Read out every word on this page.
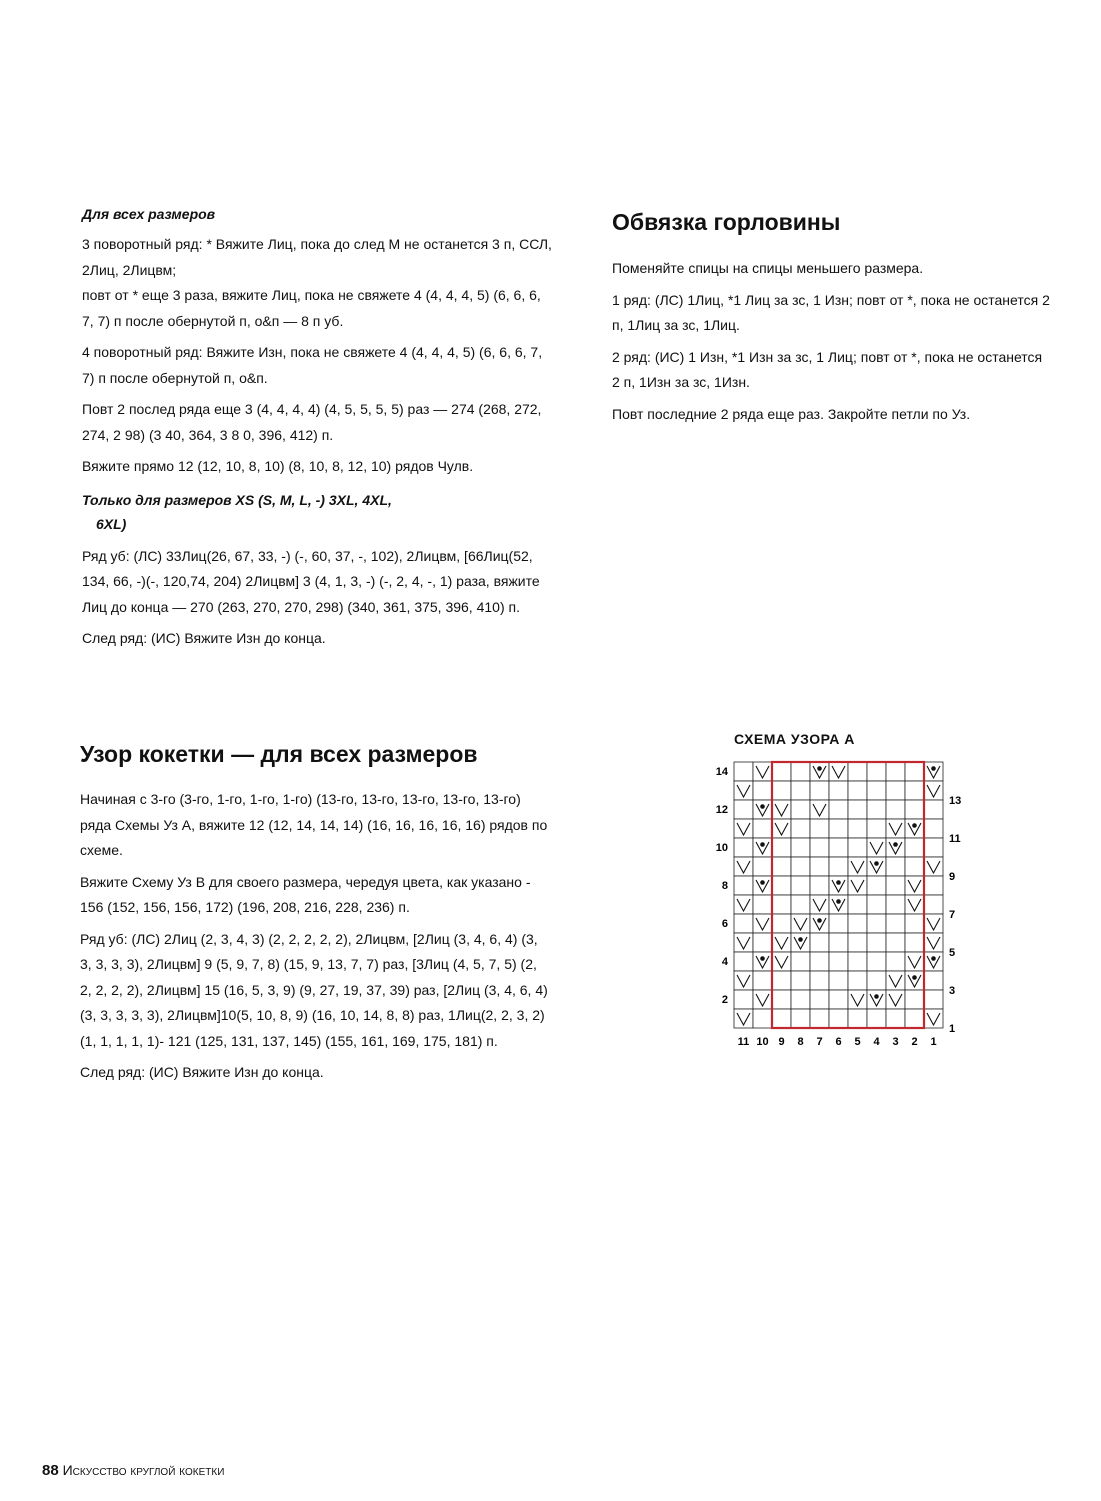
Для всех размеров

3 поворотный ряд: * Вяжите Лиц, пока до след М не останется 3 п, ССЛ, 2Лиц, 2Лицвм;

повт от * еще 3 раза, вяжите Лиц, пока не свяжете 4 (4, 4, 4, 5) (6, 6, 6, 7, 7) п после обернутой п, о&п — 8 п уб.

4 поворотный ряд: Вяжите Изн, пока не свяжете 4 (4, 4, 4, 5) (6, 6, 6, 7, 7) п после обернутой п, о&п.

Повт 2 послед ряда еще 3 (4, 4, 4, 4) (4, 5, 5, 5, 5) раз — 274 (268, 272, 274, 2 98) (3 40, 364, 3 8 0, 396, 412) п.

Вяжите прямо 12 (12, 10, 8, 10) (8, 10, 8, 12, 10) рядов Чулв.

Только для размеров XS (S, M, L, -) 3XL, 4XL,
6XL)

Ряд уб: (ЛС) 33Лиц(26, 67, 33, -) (-, 60, 37, -, 102), 2Лицвм, [66Лиц(52, 134, 66, -)(-, 120,74, 204) 2Лицвм] 3 (4, 1, 3, -) (-, 2, 4, -, 1) раза, вяжите Лиц до конца — 270 (263, 270, 270, 298) (340, 361, 375, 396, 410) п.

След ряд: (ИС) Вяжите Изн до конца.

Обвязка горловины

Поменяйте спицы на спицы меньшего размера.

1 ряд: (ЛС) 1Лиц, *1 Лиц за зс, 1 Изн; повт от *, пока не останется 2 п, 1Лиц за зс, 1Лиц.

2 ряд: (ИС) 1 Изн, *1 Изн за зс, 1 Лиц; повт от *, пока не останется 2 п, 1Изн за зс, 1Изн.

Повт последние 2 ряда еще раз. Закройте петли по Уз.

Узор кокетки — для всех размеров

Начиная с 3-го (3-го, 1-го, 1-го, 1-го) (13-го, 13-го, 13-го, 13-го, 13-го) ряда Схемы Уз А, вяжите 12 (12, 14, 14, 14) (16, 16, 16, 16, 16) рядов по схеме.

Вяжите Схему Уз B для своего размера, чередуя цвета, как указано - 156 (152, 156, 156, 172) (196, 208, 216, 228, 236) п.

Ряд уб: (ЛС) 2Лиц (2, 3, 4, 3) (2, 2, 2, 2, 2), 2Лицвм, [2Лиц (3, 4, 6, 4) (3, 3, 3, 3, 3), 2Лицвм] 9 (5, 9, 7, 8) (15, 9, 13, 7, 7) раз, [3Лиц (4, 5, 7, 5) (2, 2, 2, 2, 2), 2Лицвм] 15 (16, 5, 3, 9) (9, 27, 19, 37, 39) раз, [2Лиц (3, 4, 6, 4) (3, 3, 3, 3, 3), 2Лицвм]10(5, 10, 8, 9) (16, 10, 14, 8, 8) раз, 1Лиц(2, 2, 3, 2) (1, 1, 1, 1, 1)- 121 (125, 131, 137, 145) (155, 161, 169, 175, 181) п.

След ряд: (ИС) Вяжите Изн до конца.

СХЕМА УЗОРА А
14
12
10
8
6
4
2
13
11
9
7
5
3
1
11 10 9 8 7 6 5 4 3 2 1
88 Искусство круглой кокетки
